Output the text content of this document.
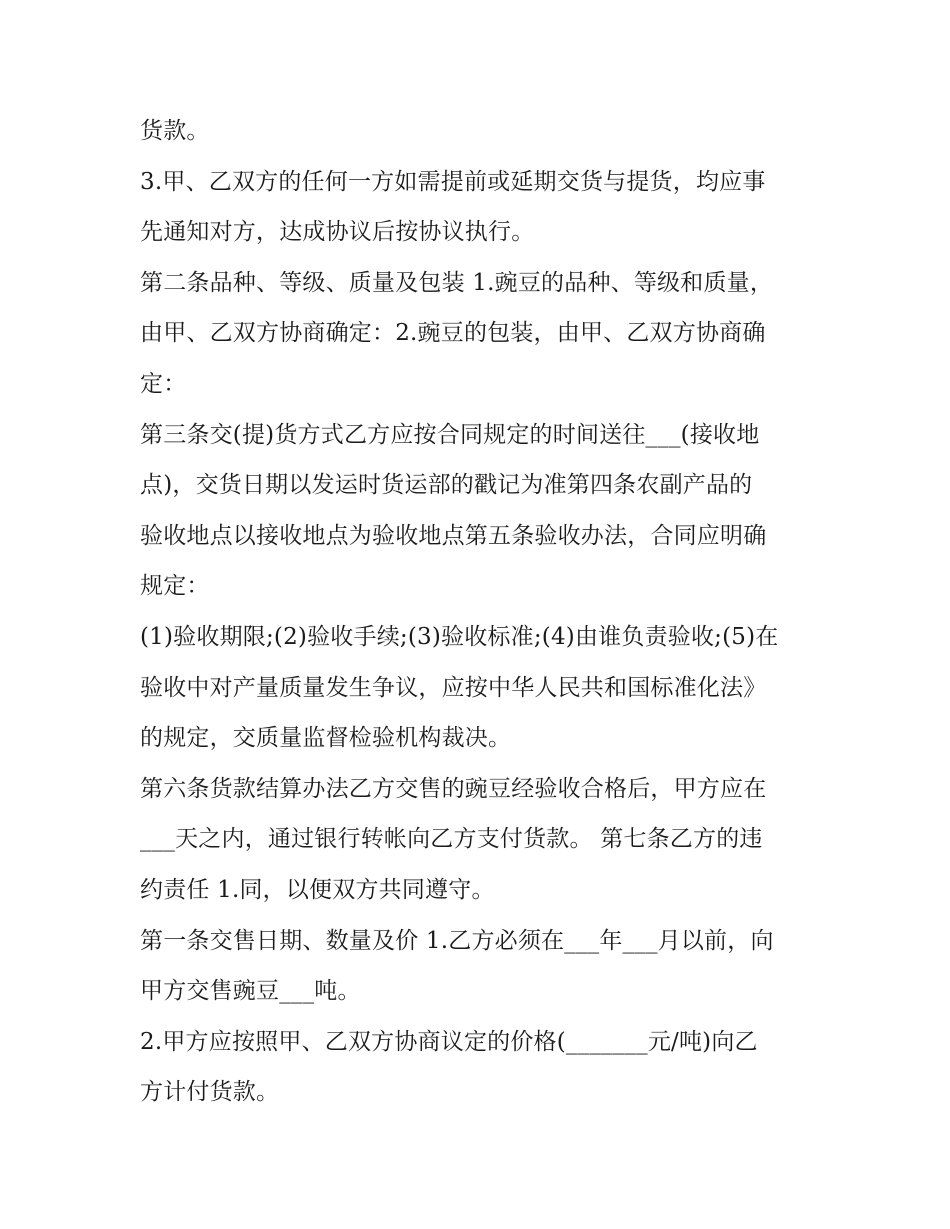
货款。

3.甲、乙双方的任何一方如需提前或延期交货与提货，均应事

先通知对方，达成协议后按协议执行。

第二条品种、等级、质量及包装 1.豌豆的品种、等级和质量，

由甲、乙双方协商确定：2.豌豆的包装，由甲、乙双方协商确

定：

第三条交(提)货方式乙方应按合同规定的时间送往___(接收地

点)，交货日期以发运时货运部的戳记为准第四条农副产品的

验收地点以接收地点为验收地点第五条验收办法，合同应明确

规定：

(1)验收期限;(2)验收手续;(3)验收标准;(4)由谁负责验收;(5)在

验收中对产量质量发生争议，应按中华人民共和国标准化法》

的规定，交质量监督检验机构裁决。

第六条货款结算办法乙方交售的豌豆经验收合格后，甲方应在

___天之内，通过银行转帐向乙方支付货款。 第七条乙方的违

约责任 1.同，以便双方共同遵守。

第一条交售日期、数量及价 1.乙方必须在___年___月以前，向

甲方交售豌豆___吨。

2.甲方应按照甲、乙双方协商议定的价格(_______元/吨)向乙

方计付货款。
